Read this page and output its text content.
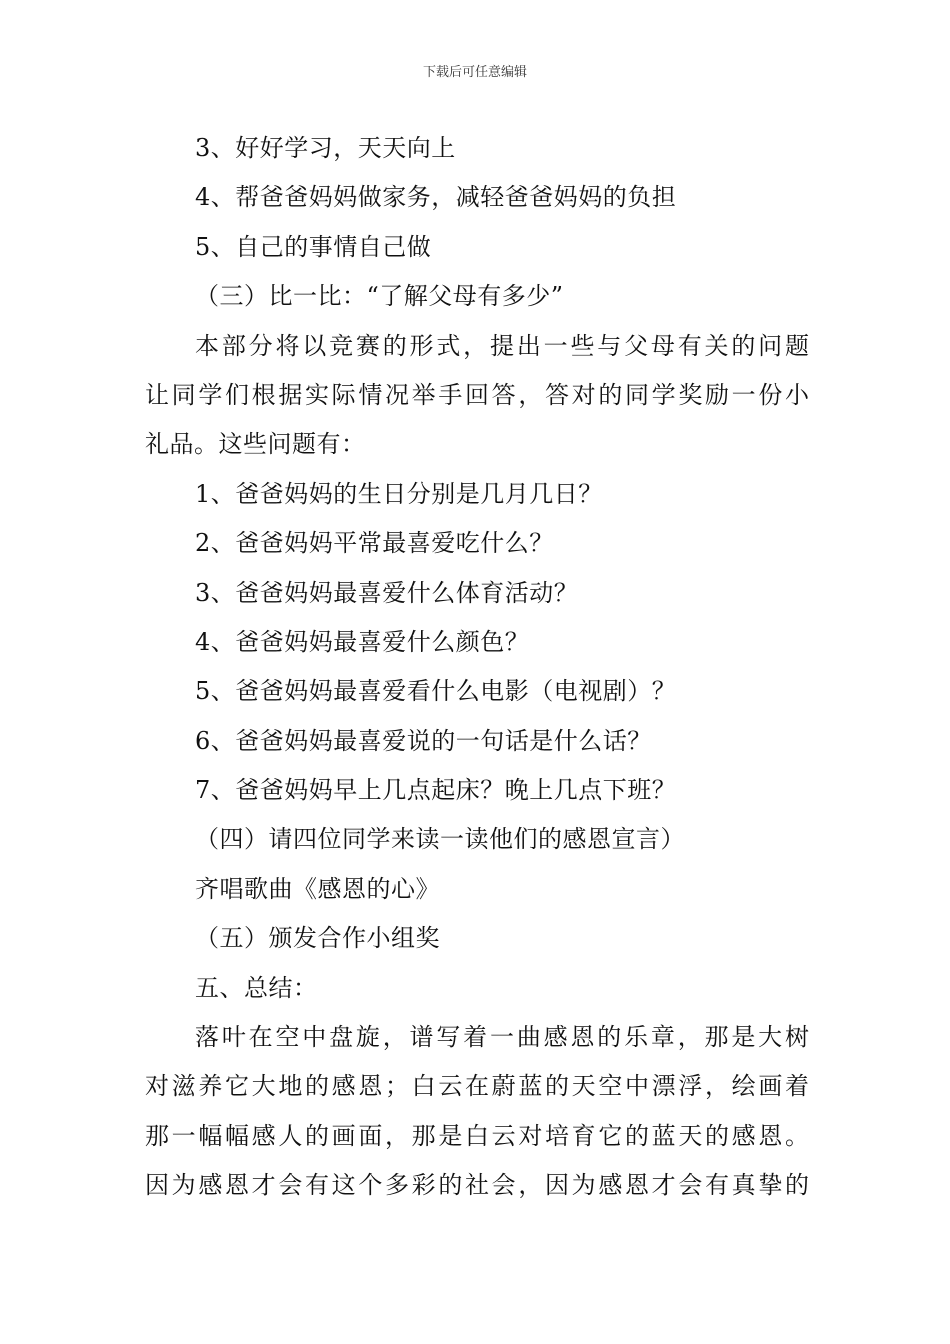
下载后可任意编辑
3、好好学习，天天向上
4、帮爸爸妈妈做家务，减轻爸爸妈妈的负担
5、自己的事情自己做
（三）比一比：“了解父母有多少”
本部分将以竞赛的形式，提出一些与父母有关的问题
让同学们根据实际情况举手回答，答对的同学奖励一份小
礼品。这些问题有：
1、爸爸妈妈的生日分别是几月几日？
2、爸爸妈妈平常最喜爱吃什么？
3、爸爸妈妈最喜爱什么体育活动？
4、爸爸妈妈最喜爱什么颜色？
5、爸爸妈妈最喜爱看什么电影（电视剧）？
6、爸爸妈妈最喜爱说的一句话是什么话？
7、爸爸妈妈早上几点起床？晚上几点下班？
（四）请四位同学来读一读他们的感恩宣言）
齐唱歌曲《感恩的心》
（五）颁发合作小组奖
五、总结：
落叶在空中盘旋，谱写着一曲感恩的乐章，那是大树
对滋养它大地的感恩；白云在蔚蓝的天空中漂浮，绘画着
那一幅幅感人的画面，那是白云对培育它的蓝天的感恩。
因为感恩才会有这个多彩的社会，因为感恩才会有真挚的
